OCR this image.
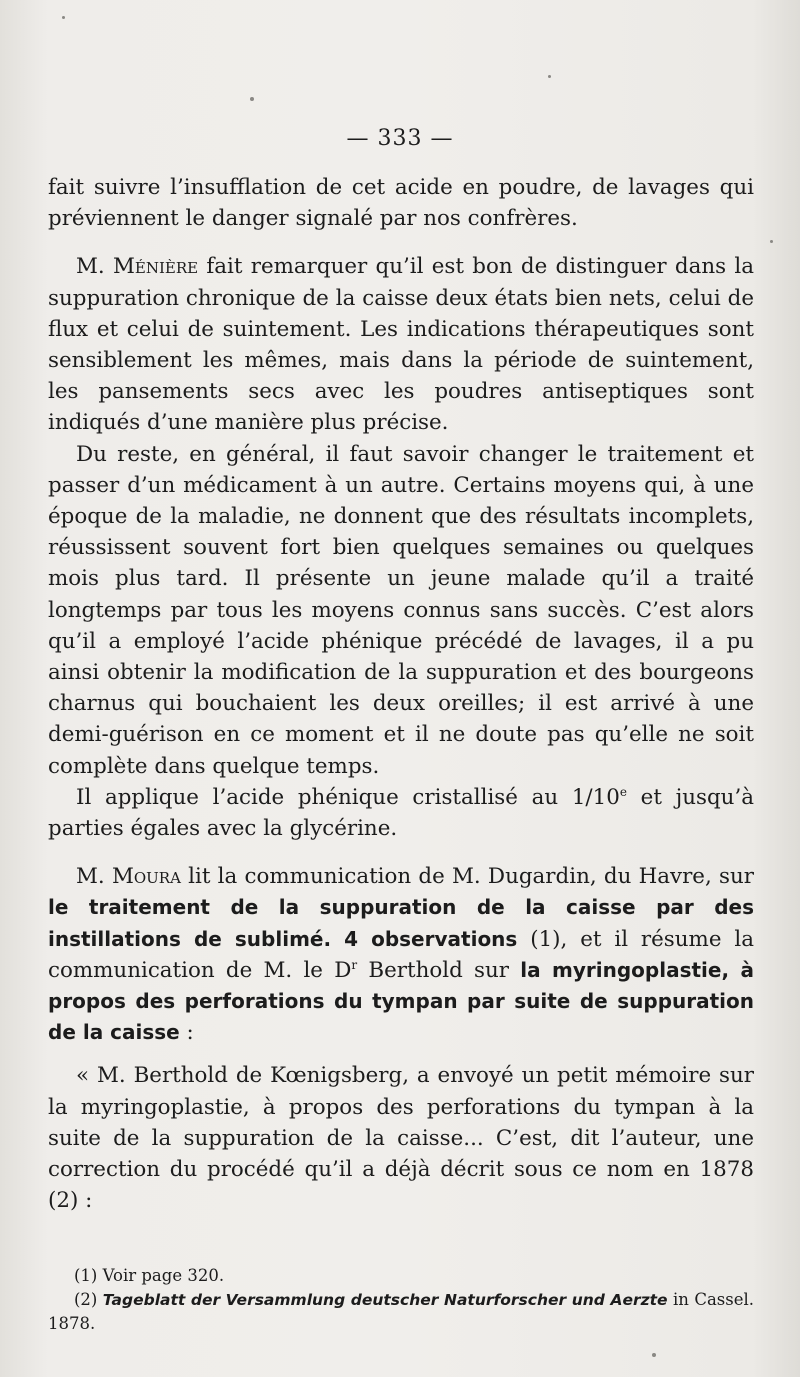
— 333 —

fait suivre l’insufflation de cet acide en poudre, de lavages qui préviennent le danger signalé par nos confrères.

M. Ménière fait remarquer qu’il est bon de distinguer dans la suppuration chronique de la caisse deux états bien nets, celui de flux et celui de suintement. Les indications thérapeutiques sont sensiblement les mêmes, mais dans la période de suintement, les pansements secs avec les poudres antiseptiques sont indiqués d’une manière plus précise.

Du reste, en général, il faut savoir changer le traitement et passer d’un médicament à un autre. Certains moyens qui, à une époque de la maladie, ne donnent que des résultats incomplets, réussissent souvent fort bien quelques semaines ou quelques mois plus tard. Il présente un jeune malade qu’il a traité longtemps par tous les moyens connus sans succès. C’est alors qu’il a employé l’acide phénique précédé de lavages, il a pu ainsi obtenir la modification de la suppuration et des bourgeons charnus qui bouchaient les deux oreilles; il est arrivé à une demi-guérison en ce moment et il ne doute pas qu’elle ne soit complète dans quelque temps.

Il applique l’acide phénique cristallisé au 1/10e et jusqu’à parties égales avec la glycérine.

M. Moura lit la communication de M. Dugardin, du Havre, sur le traitement de la suppuration de la caisse par des instillations de sublimé. 4 observations (1), et il résume la communication de M. le $D^r$ Berthold sur la myringoplastie, à propos des perforations du tympan par suite de suppuration de la caisse :

« M. Berthold de Kœnigsberg, a envoyé un petit mémoire sur la myringoplastie, à propos des perforations du tympan à la suite de la suppuration de la caisse... C’est, dit l’auteur, une correction du procédé qu’il a déjà décrit sous ce nom en 1878 (2) :

(1) Voir page 320.

(2) Tageblatt der Versammlung deutscher Naturforscher und Aerzte in Cassel. 1878.
